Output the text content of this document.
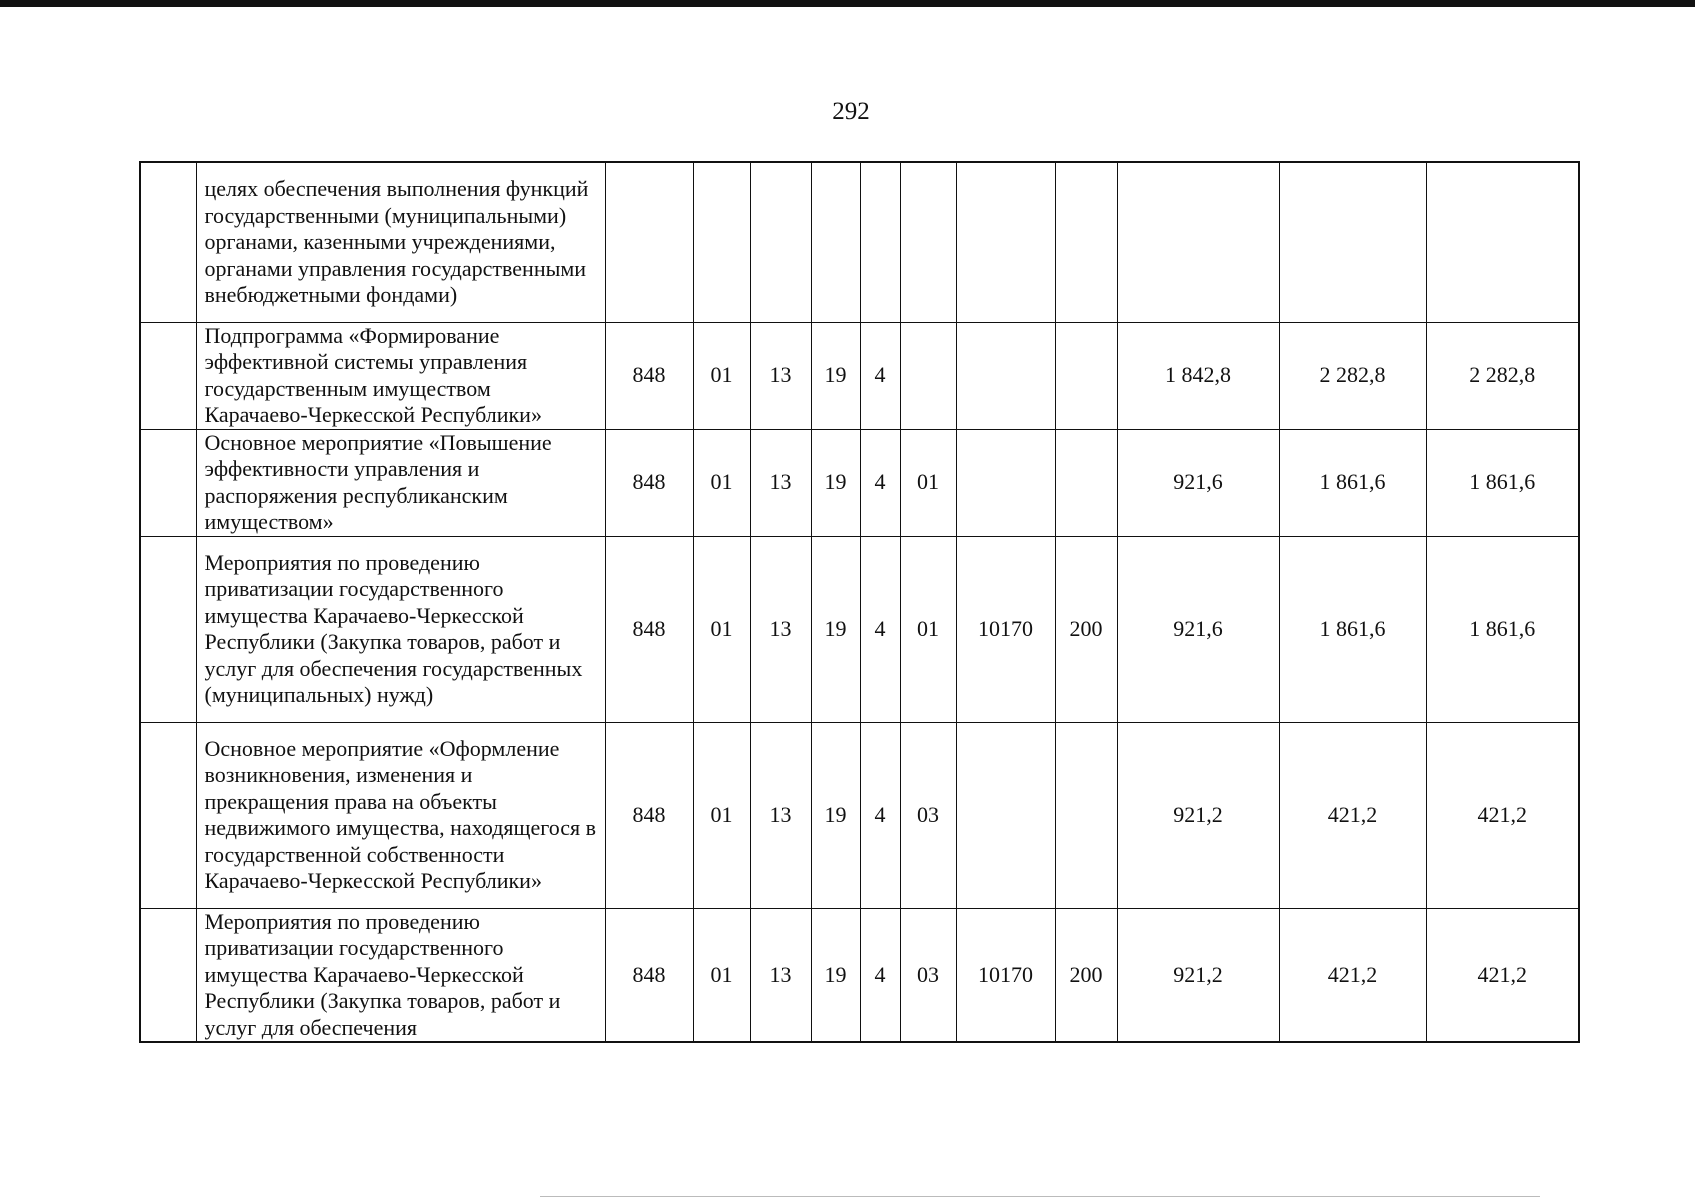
292
	целях обеспечения выполнения функций государственными (муниципальными) органами, казенными учреждениями, органами управления государственными внебюджетными фондами)											
	Подпрограмма «Формирование эффективной системы управления государственным имуществом Карачаево-Черкесской Республики»	848	01	13	19	4				1 842,8	2 282,8	2 282,8
	Основное мероприятие «Повышение эффективности управления и распоряжения республиканским имуществом»	848	01	13	19	4	01			921,6	1 861,6	1 861,6
	Мероприятия по проведению приватизации государственного имущества Карачаево-Черкесской Республики (Закупка товаров, работ и услуг для обеспечения государственных (муниципальных) нужд)	848	01	13	19	4	01	10170	200	921,6	1 861,6	1 861,6
	Основное мероприятие «Оформление возникновения, изменения и прекращения права на объекты недвижимого имущества, находящегося в государственной собственности Карачаево-Черкесской Республики»	848	01	13	19	4	03			921,2	421,2	421,2
	Мероприятия по проведению приватизации государственного имущества Карачаево-Черкесской Республики (Закупка товаров, работ и услуг для обеспечения	848	01	13	19	4	03	10170	200	921,2	421,2	421,2
